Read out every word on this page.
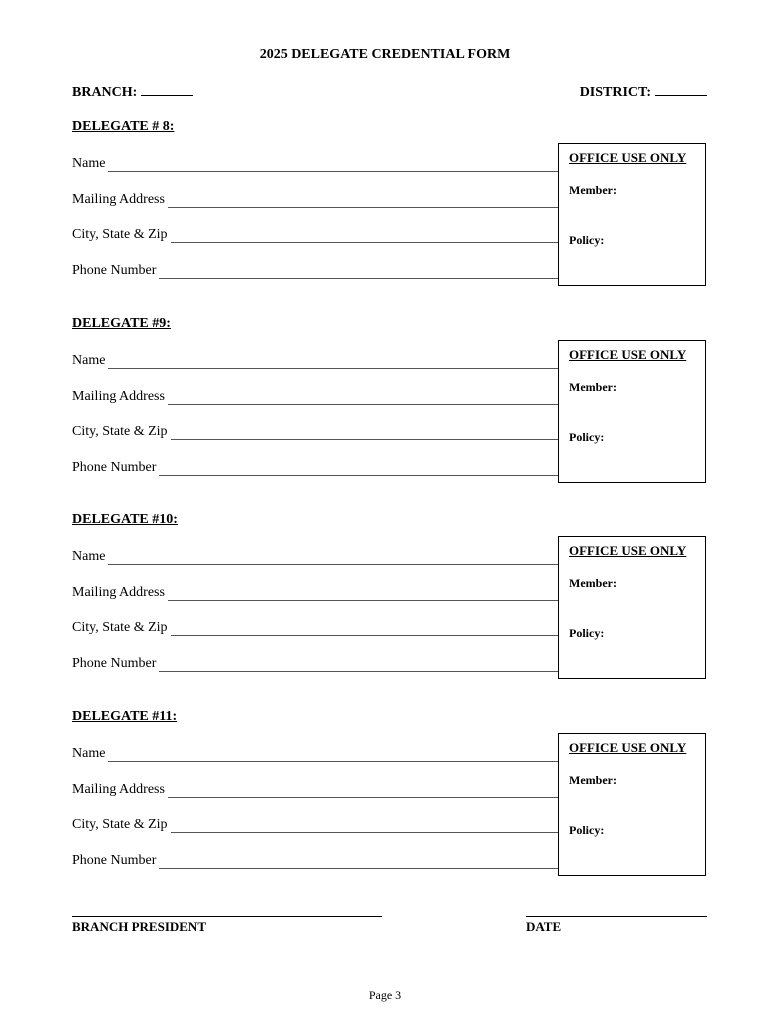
2025 DELEGATE CREDENTIAL FORM
BRANCH:	DISTRICT:
DELEGATE # 8:
Name
Mailing Address
City, State & Zip
Phone Number
OFFICE USE ONLY
Member:
Policy:
DELEGATE #9:
Name
Mailing Address
City, State & Zip
Phone Number
OFFICE USE ONLY
Member:
Policy:
DELEGATE #10:
Name
Mailing Address
City, State & Zip
Phone Number
OFFICE USE ONLY
Member:
Policy:
DELEGATE #11:
Name
Mailing Address
City, State & Zip
Phone Number
OFFICE USE ONLY
Member:
Policy:
BRANCH PRESIDENT	DATE
Page 3
